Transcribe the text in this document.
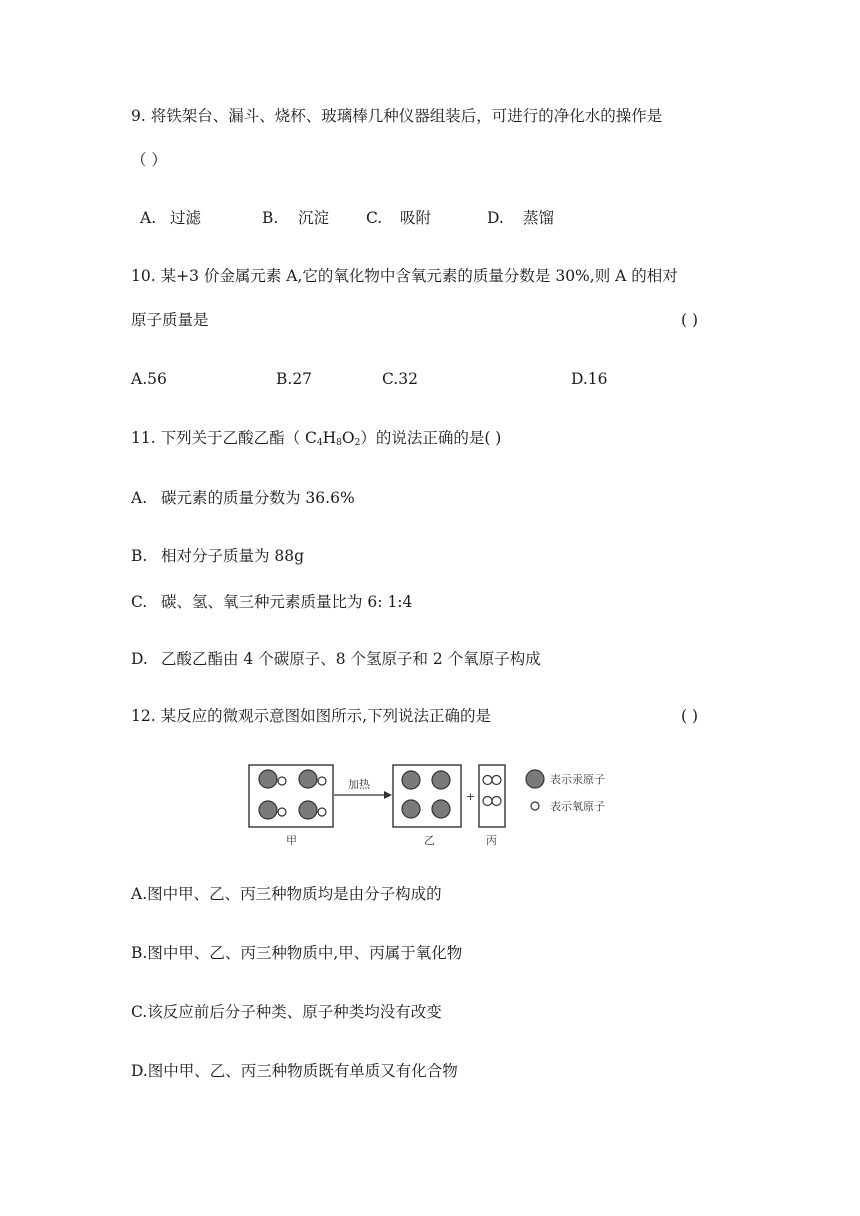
9. 将铁架台、漏斗、烧杯、玻璃棒几种仪器组装后，可进行的净化水的操作是
（ ）
A. 过滤	B. 沉淀 C. 吸附	D. 蒸馏
10. 某+3 价金属元素 A,它的氧化物中含氧元素的质量分数是 30%,则 A 的相对
原子质量是	( )
A.56	B.27	C.32	D.16
11. 下列关于乙酸乙酯（ $C_4H_8O_2$）的说法正确的是( )
A. 碳元素的质量分数为 36.6%
B. 相对分子质量为 88g
C. 碳、氢、氧三种元素质量比为 6: 1:4
D. 乙酸乙酯由 4 个碳原子、8 个氢原子和 2 个氧原子构成
12. 某反应的微观示意图如图所示,下列说法正确的是	( )
加热
+
甲	乙	丙
表示汞原子
表示氧原子
A.图中甲、乙、丙三种物质均是由分子构成的
B.图中甲、乙、丙三种物质中,甲、丙属于氧化物
C.该反应前后分子种类、原子种类均没有改变
D.图中甲、乙、丙三种物质既有单质又有化合物
